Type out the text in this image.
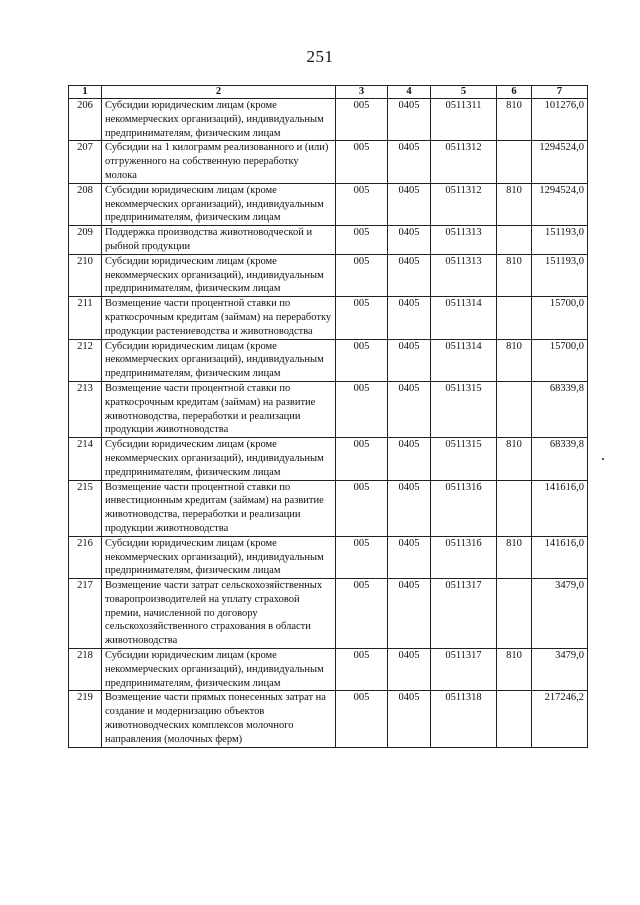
251
1	2	3	4	5	6	7
206	Субсидии юридическим лицам (кроме некоммерческих организаций), индивидуальным предпринимателям, физическим лицам	005	0405	0511311	810	101276,0
207	Субсидии на 1 килограмм реализованного и (или) отгруженного на собственную переработку молока	005	0405	0511312		1294524,0
208	Субсидии юридическим лицам (кроме некоммерческих организаций), индивидуальным предпринимателям, физическим лицам	005	0405	0511312	810	1294524,0
209	Поддержка производства животноводческой и рыбной продукции	005	0405	0511313		151193,0
210	Субсидии юридическим лицам (кроме некоммерческих организаций), индивидуальным предпринимателям, физическим лицам	005	0405	0511313	810	151193,0
211	Возмещение части процентной ставки по краткосрочным кредитам (займам) на переработку продукции растениеводства и животноводства	005	0405	0511314		15700,0
212	Субсидии юридическим лицам (кроме некоммерческих организаций), индивидуальным предпринимателям, физическим лицам	005	0405	0511314	810	15700,0
213	Возмещение части процентной ставки по краткосрочным кредитам (займам) на развитие животноводства, переработки и реализации продукции животноводства	005	0405	0511315		68339,8
214	Субсидии юридическим лицам (кроме некоммерческих организаций), индивидуальным предпринимателям, физическим лицам	005	0405	0511315	810	68339,8
215	Возмещение части процентной ставки по инвестиционным кредитам (займам) на развитие животноводства, переработки и реализации продукции животноводства	005	0405	0511316		141616,0
216	Субсидии юридическим лицам (кроме некоммерческих организаций), индивидуальным предпринимателям, физическим лицам	005	0405	0511316	810	141616,0
217	Возмещение части затрат сельскохозяйственных товаропроизводителей на уплату страховой премии, начисленной по договору сельскохозяйственного страхования в области животноводства	005	0405	0511317		3479,0
218	Субсидии юридическим лицам (кроме некоммерческих организаций), индивидуальным предпринимателям, физическим лицам	005	0405	0511317	810	3479,0
219	Возмещение части прямых понесенных затрат на создание и модернизацию объектов животноводческих комплексов молочного направления (молочных ферм)	005	0405	0511318		217246,2
